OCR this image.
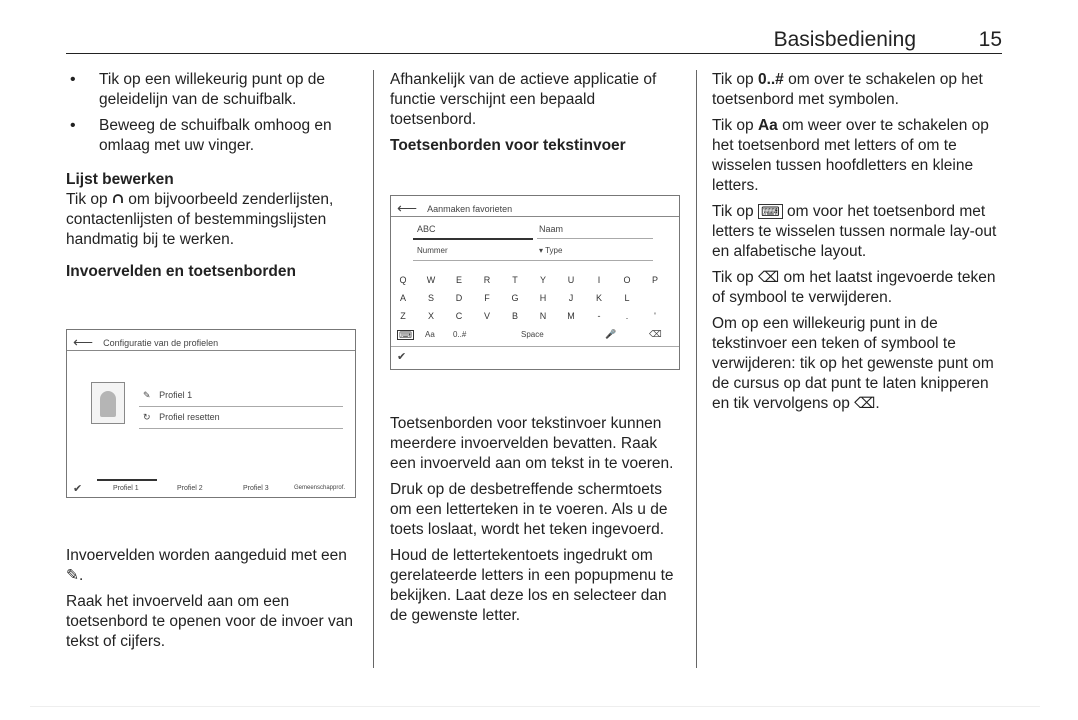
Basisbediening	15
• Tik op een willekeurig punt op de geleidelijn van de schuifbalk.
• Beweeg de schuifbalk omhoog en omlaag met uw vinger.
Lijst bewerken

Tik op om bijvoorbeeld zenderlijsten, contactenlijsten of bestemmingslijsten handmatig bij te werken.

Invoervelden en toetsenborden
⟵ Configuratie van de profielen
✎ Profiel 1
↻ Profiel resetten
✔	Profiel 1	Profiel 2	Profiel 3	Gemeenschapprof.

Invoervelden worden aangeduid met een ✎.

Raak het invoerveld aan om een toetsenbord te openen voor de invoer van tekst of cijfers.

Afhankelijk van de actieve applicatie of functie verschijnt een bepaald toetsenbord.

Toetsenborden voor tekstinvoer
⟵ Aanmaken favorieten
ABC	Naam
Nummer	▾ Type
Q	W	E	R	T	Y	U	I	O	P
A	S	D	F	G	H	J	K	L
Z	X	C	V	B	N	M	-	.	'
⌨ Aa 0..#	Space	🎤	⌫
✔

Toetsenborden voor tekstinvoer kunnen meerdere invoervelden bevatten. Raak een invoerveld aan om tekst in te voeren.

Druk op de desbetreffende schermtoets om een letterteken in te voeren. Als u de toets loslaat, wordt het teken ingevoerd.

Houd de lettertekentoets ingedrukt om gerelateerde letters in een popupmenu te bekijken. Laat deze los en selecteer dan de gewenste letter.

Tik op 0..# om over te schakelen op het toetsenbord met symbolen.

Tik op Aa om weer over te schakelen op het toetsenbord met letters of om te wisselen tussen hoofdletters en kleine letters.

Tik op ⌨ om voor het toetsenbord met letters te wisselen tussen normale lay-out en alfabetische layout.

Tik op ⌫ om het laatst ingevoerde teken of symbool te verwijderen.

Om op een willekeurig punt in de tekstinvoer een teken of symbool te verwijderen: tik op het gewenste punt om de cursus op dat punt te laten knipperen en tik vervolgens op ⌫.
